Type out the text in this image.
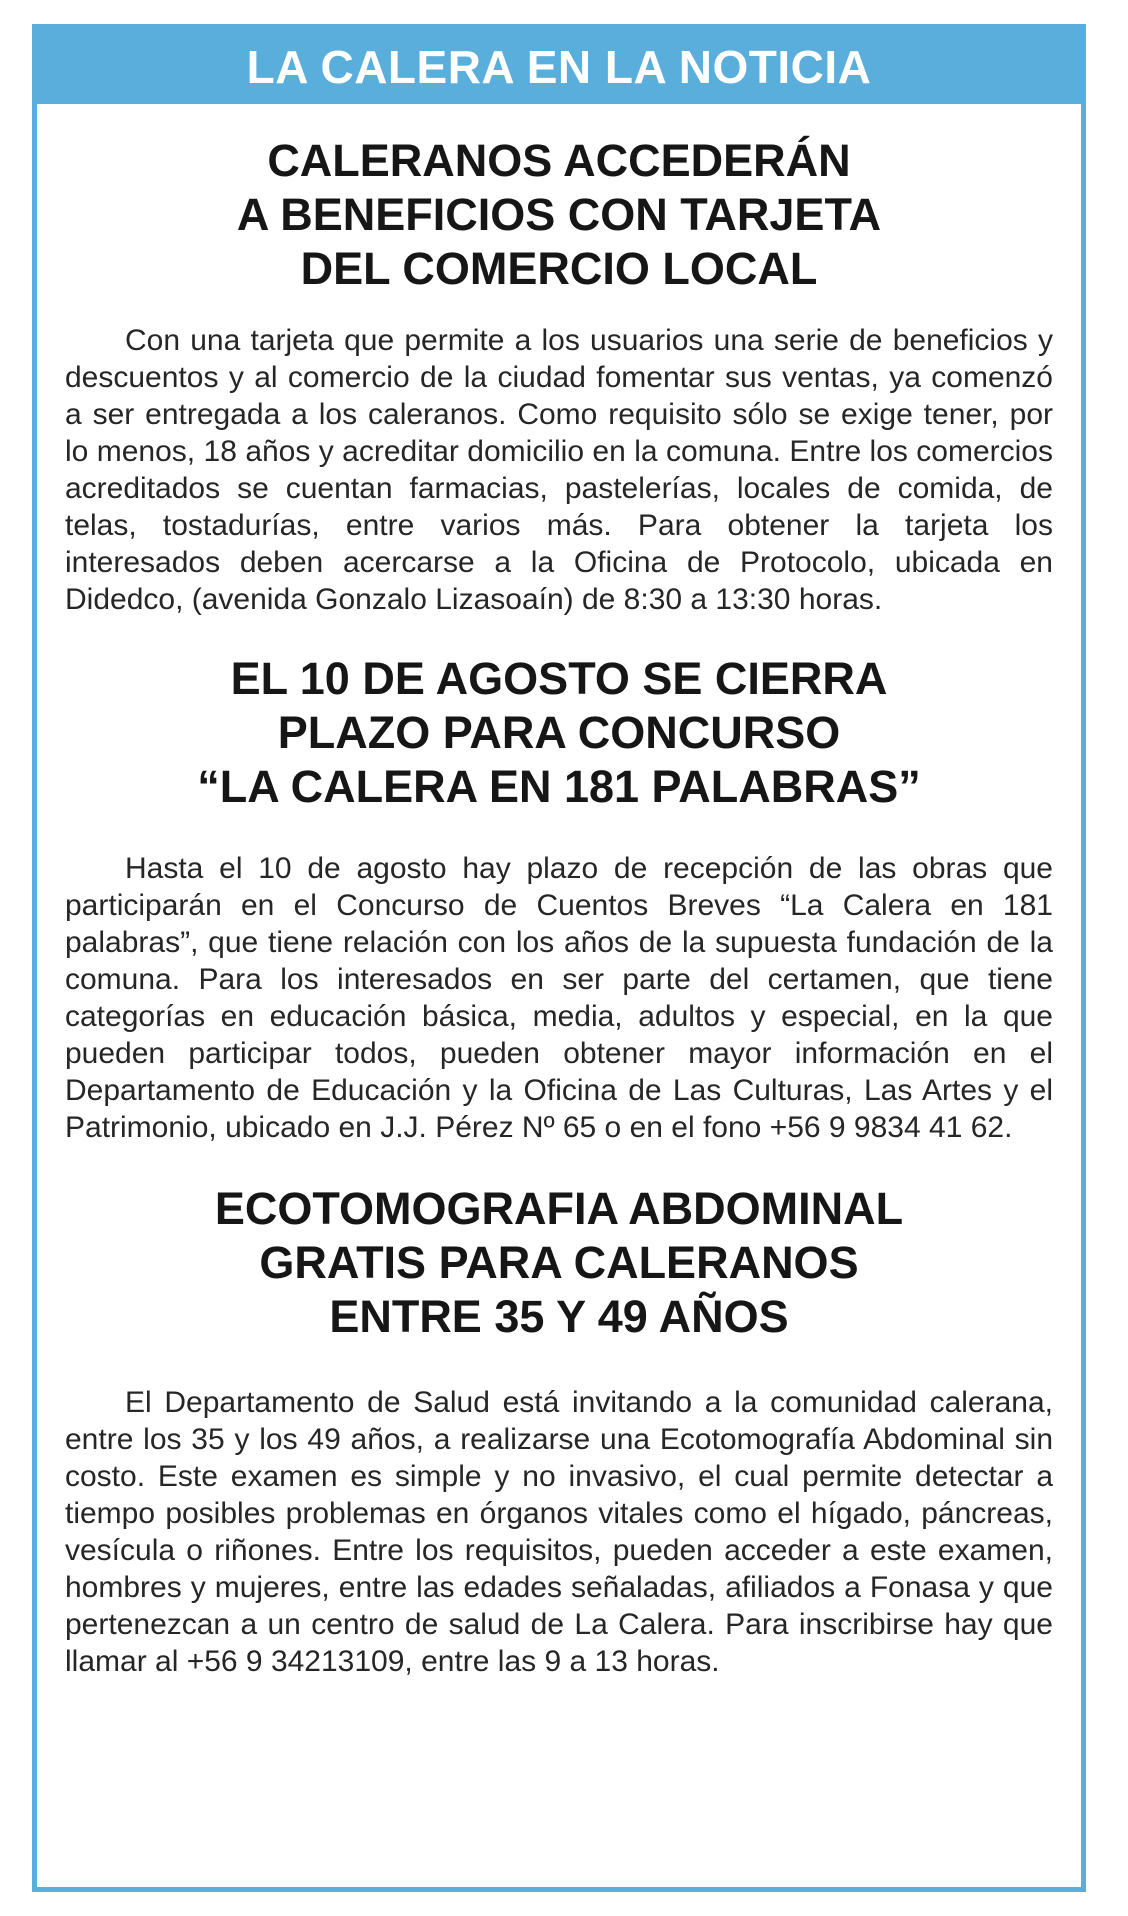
LA CALERA EN LA NOTICIA
CALERANOS ACCEDERÁN
A BENEFICIOS CON TARJETA
DEL COMERCIO LOCAL

Con una tarjeta que permite a los usuarios una serie de beneficios y descuentos y al comercio de la ciudad fomentar sus ventas, ya comenzó a ser entregada a los caleranos. Como requisito sólo se exige tener, por lo menos, 18 años y acreditar domicilio en la comuna. Entre los comercios acreditados se cuentan farmacias, pastelerías, locales de comida, de telas, tostadurías, entre varios más. Para obtener la tarjeta los interesados deben acercarse a la Oficina de Protocolo, ubicada en Didedco, (avenida Gonzalo Lizasoaín) de 8:30 a 13:30 horas.

EL 10 DE AGOSTO SE CIERRA
PLAZO PARA CONCURSO
“LA CALERA EN 181 PALABRAS”

Hasta el 10 de agosto hay plazo de recepción de las obras que participarán en el Concurso de Cuentos Breves “La Calera en 181 palabras”, que tiene relación con los años de la supuesta fundación de la comuna. Para los interesados en ser parte del certamen, que tiene categorías en educación básica, media, adultos y especial, en la que pueden participar todos, pueden obtener mayor información en el Departamento de Educación y la Oficina de Las Culturas, Las Artes y el Patrimonio, ubicado en J.J. Pérez Nº 65 o en el fono +56 9 9834 41 62.

ECOTOMOGRAFIA ABDOMINAL
GRATIS PARA CALERANOS
ENTRE 35 Y 49 AÑOS

El Departamento de Salud está invitando a la comunidad calerana, entre los 35 y los 49 años, a realizarse una Ecotomografía Abdominal sin costo. Este examen es simple y no invasivo, el cual permite detectar a tiempo posibles problemas en órganos vitales como el hígado, páncreas, vesícula o riñones. Entre los requisitos, pueden acceder a este examen, hombres y mujeres, entre las edades señaladas, afiliados a Fonasa y que pertenezcan a un centro de salud de La Calera. Para inscribirse hay que llamar al +56 9 34213109, entre las 9 a 13 horas.
